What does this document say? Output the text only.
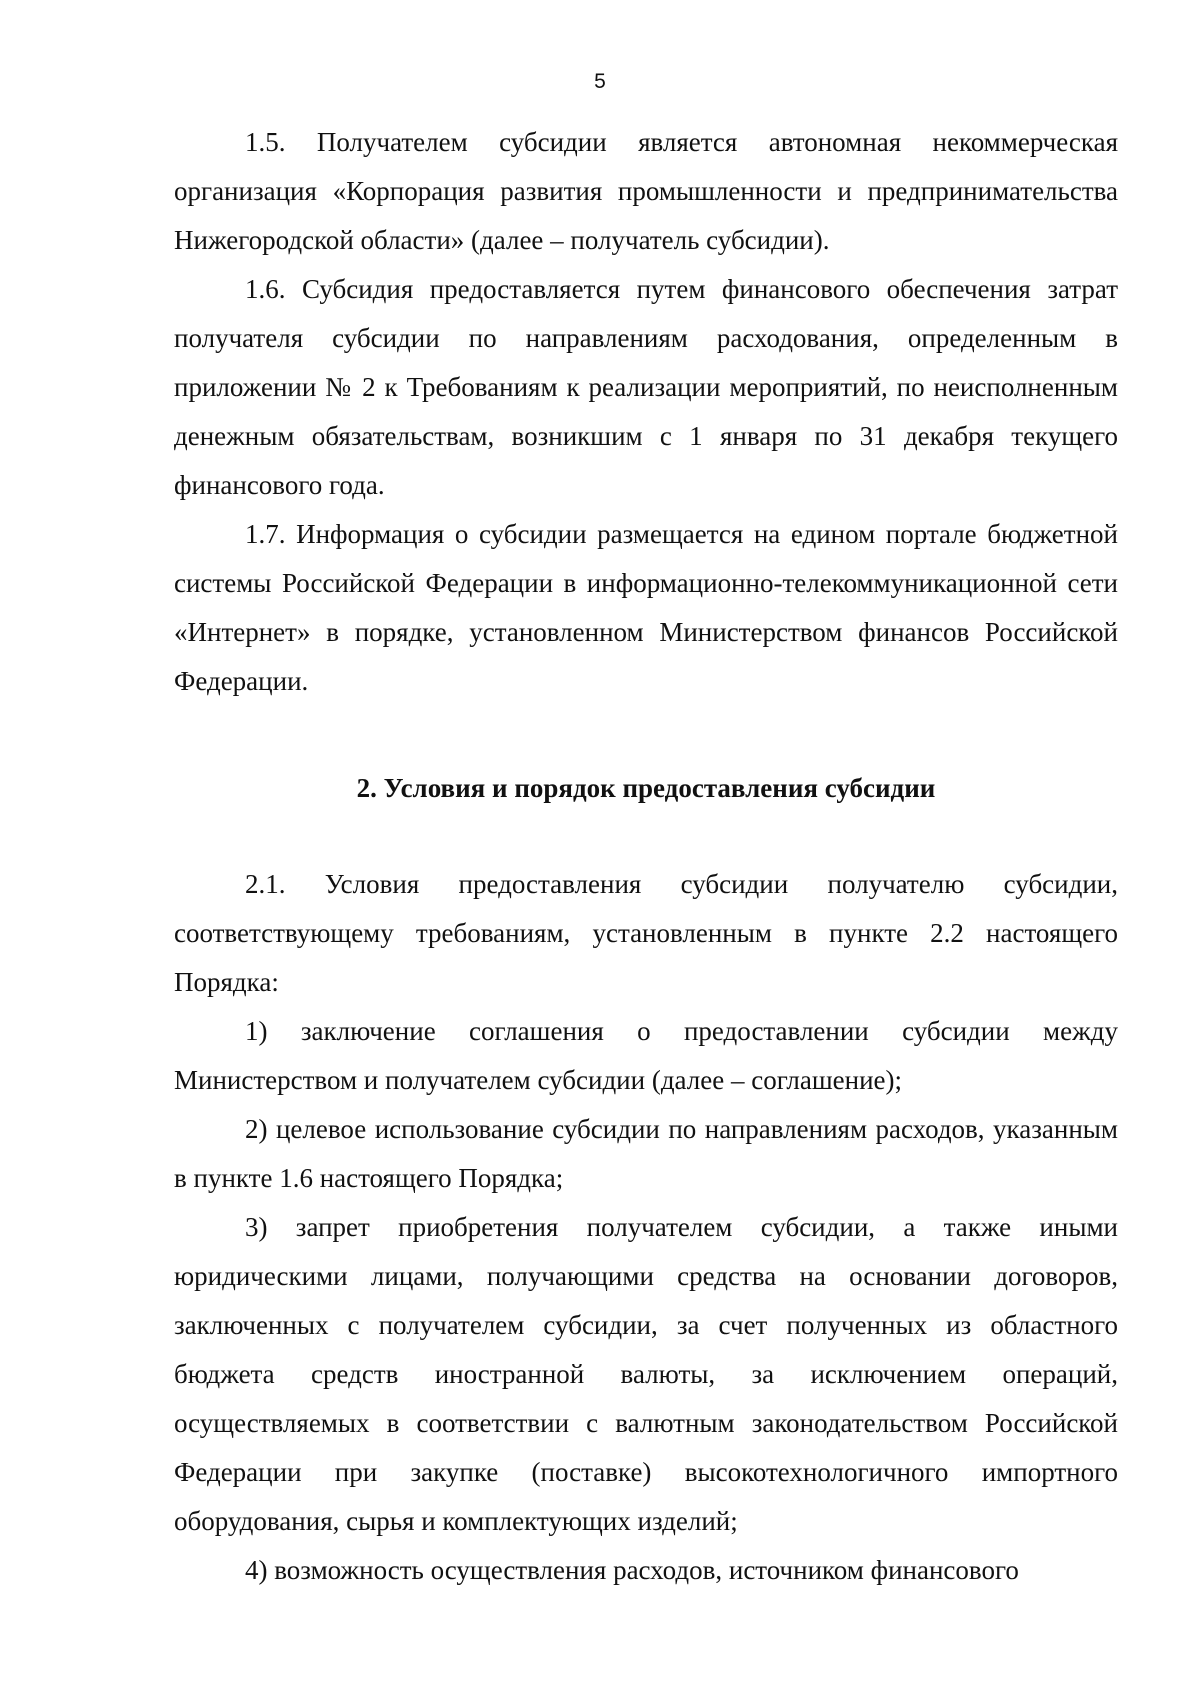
5

1.5. Получателем субсидии является автономная некоммерческая организация «Корпорация развития промышленности и предпринимательства Нижегородской области» (далее – получатель субсидии).

1.6. Субсидия предоставляется путем финансового обеспечения затрат получателя субсидии по направлениям расходования, определенным в приложении № 2 к Требованиям к реализации мероприятий, по неисполненным денежным обязательствам, возникшим с 1 января по 31 декабря текущего финансового года.

1.7. Информация о субсидии размещается на едином портале бюджетной системы Российской Федерации в информационно-телекоммуникационной сети «Интернет» в порядке, установленном Министерством финансов Российской Федерации.

2. Условия и порядок предоставления субсидии

2.1. Условия предоставления субсидии получателю субсидии, соответствующему требованиям, установленным в пункте 2.2 настоящего Порядка:

1) заключение соглашения о предоставлении субсидии между Министерством и получателем субсидии (далее – соглашение);

2) целевое использование субсидии по направлениям расходов, указанным в пункте 1.6 настоящего Порядка;

3) запрет приобретения получателем субсидии, а также иными юридическими лицами, получающими средства на основании договоров, заключенных с получателем субсидии, за счет полученных из областного бюджета средств иностранной валюты, за исключением операций, осуществляемых в соответствии с валютным законодательством Российской Федерации при закупке (поставке) высокотехнологичного импортного оборудования, сырья и комплектующих изделий;

4) возможность осуществления расходов, источником финансового
